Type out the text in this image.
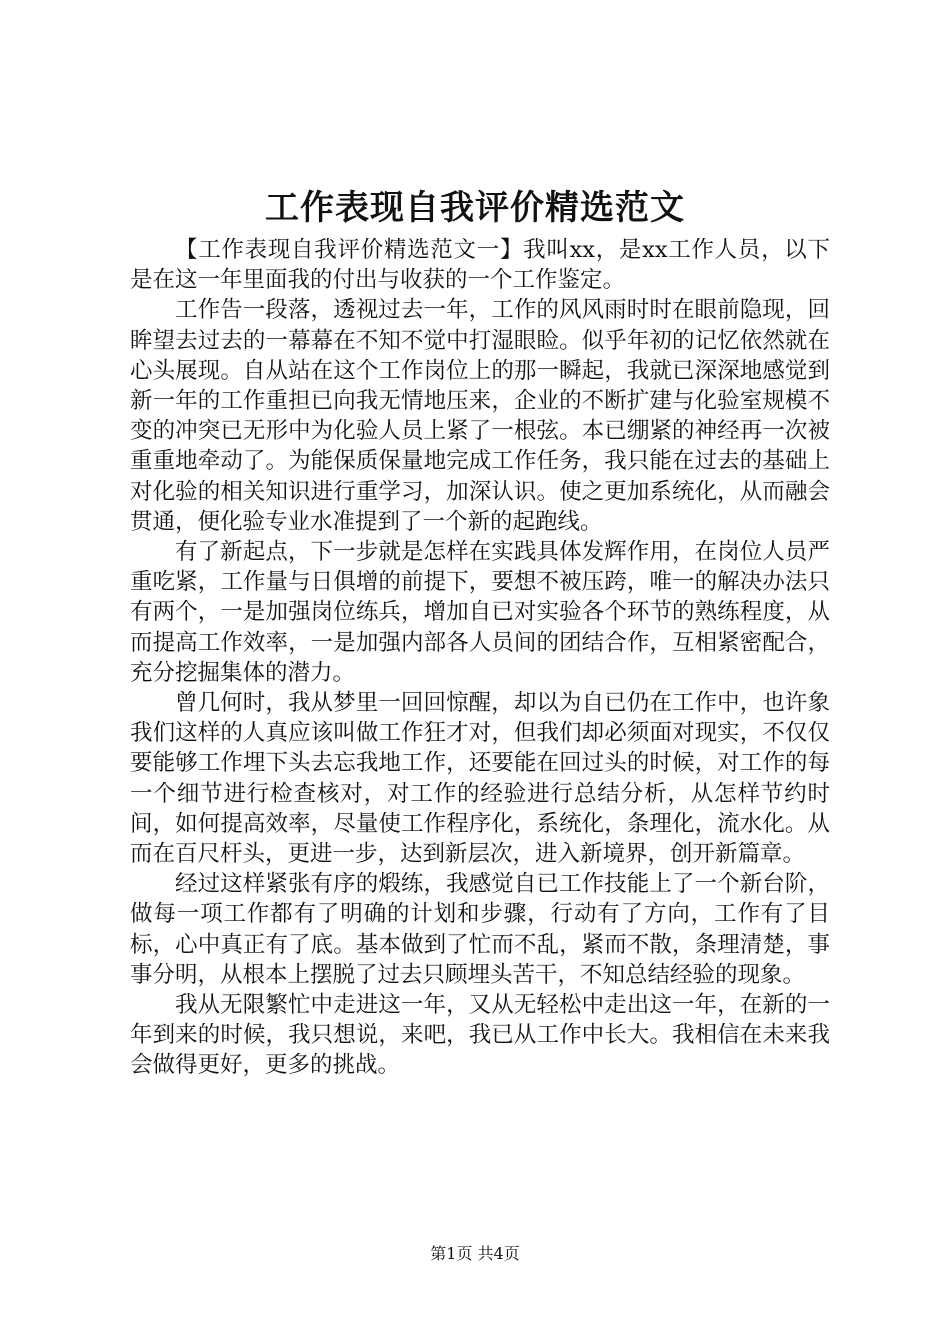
工作表现自我评价精选范文

【工作表现自我评价精选范文一】我叫xx，是xx工作人员，以下是在这一年里面我的付出与收获的一个工作鉴定。

工作告一段落，透视过去一年，工作的风风雨时时在眼前隐现，回眸望去过去的一幕幕在不知不觉中打湿眼睑。似乎年初的记忆依然就在心头展现。自从站在这个工作岗位上的那一瞬起，我就已深深地感觉到新一年的工作重担已向我无情地压来，企业的不断扩建与化验室规模不变的冲突已无形中为化验人员上紧了一根弦。本已绷紧的神经再一次被重重地牵动了。为能保质保量地完成工作任务，我只能在过去的基础上对化验的相关知识进行重学习，加深认识。使之更加系统化，从而融会贯通，便化验专业水准提到了一个新的起跑线。

有了新起点，下一步就是怎样在实践具体发辉作用，在岗位人员严重吃紧，工作量与日俱增的前提下，要想不被压跨，唯一的解决办法只有两个，一是加强岗位练兵，增加自已对实验各个环节的熟练程度，从而提高工作效率，一是加强内部各人员间的团结合作，互相紧密配合，充分挖掘集体的潜力。

曾几何时，我从梦里一回回惊醒，却以为自已仍在工作中，也许象我们这样的人真应该叫做工作狂才对，但我们却必须面对现实，不仅仅要能够工作埋下头去忘我地工作，还要能在回过头的时候，对工作的每一个细节进行检查核对，对工作的经验进行总结分析，从怎样节约时间，如何提高效率，尽量使工作程序化，系统化，条理化，流水化。从而在百尺杆头，更进一步，达到新层次，进入新境界，创开新篇章。

经过这样紧张有序的煅练，我感觉自已工作技能上了一个新台阶，做每一项工作都有了明确的计划和步骤，行动有了方向，工作有了目标，心中真正有了底。基本做到了忙而不乱，紧而不散，条理清楚，事事分明，从根本上摆脱了过去只顾埋头苦干，不知总结经验的现象。

我从无限繁忙中走进这一年，又从无轻松中走出这一年，在新的一年到来的时候，我只想说，来吧，我已从工作中长大。我相信在未来我会做得更好，更多的挑战。

第1页 共4页
